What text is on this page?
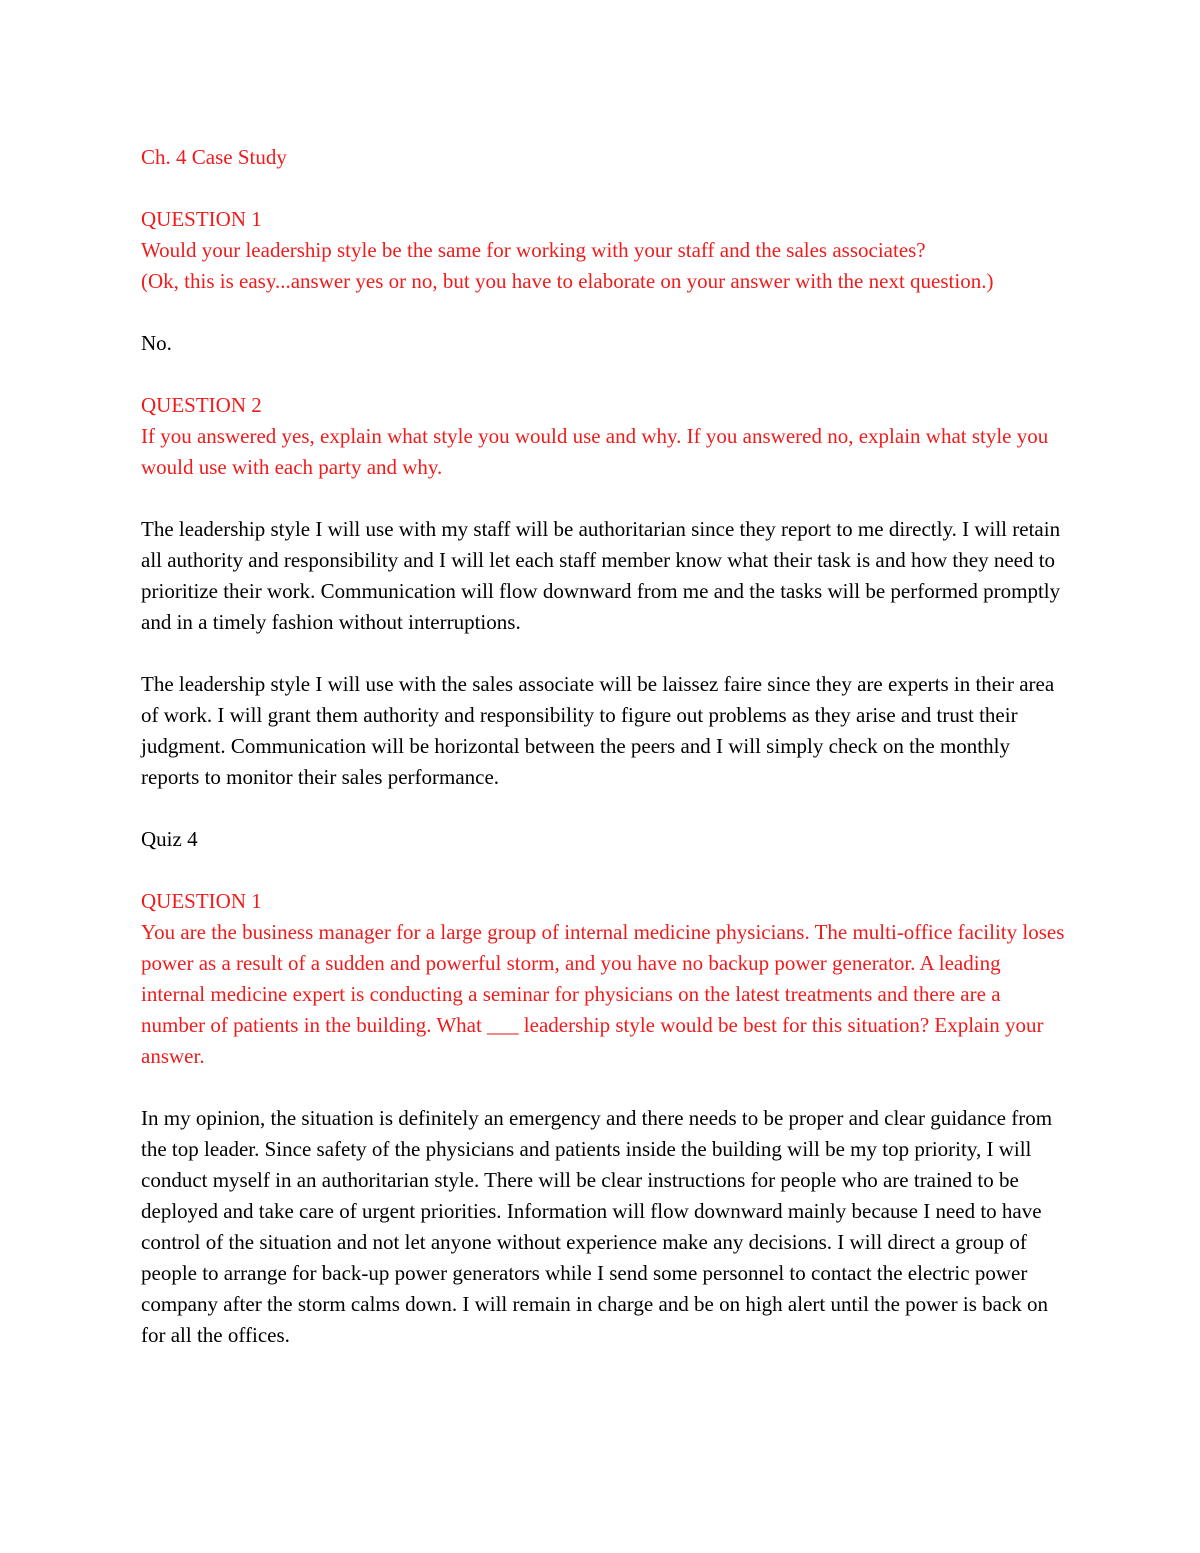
Ch. 4 Case Study

QUESTION 1

Would your leadership style be the same for working with your staff and the sales associates?

(Ok, this is easy...answer yes or no, but you have to elaborate on your answer with the next question.)

No.

QUESTION 2

If you answered yes, explain what style you would use and why. If you answered no, explain what style you would use with each party and why.

The leadership style I will use with my staff will be authoritarian since they report to me directly. I will retain all authority and responsibility and I will let each staff member know what their task is and how they need to prioritize their work. Communication will flow downward from me and the tasks will be performed promptly and in a timely fashion without interruptions.

The leadership style I will use with the sales associate will be laissez faire since they are experts in their area of work. I will grant them authority and responsibility to figure out problems as they arise and trust their judgment. Communication will be horizontal between the peers and I will simply check on the monthly reports to monitor their sales performance.

Quiz 4

QUESTION 1

You are the business manager for a large group of internal medicine physicians. The multi-office facility loses power as a result of a sudden and powerful storm, and you have no backup power generator. A leading internal medicine expert is conducting a seminar for physicians on the latest treatments and there are a number of patients in the building. What ___ leadership style would be best for this situation? Explain your answer.

In my opinion, the situation is definitely an emergency and there needs to be proper and clear guidance from the top leader. Since safety of the physicians and patients inside the building will be my top priority, I will conduct myself in an authoritarian style. There will be clear instructions for people who are trained to be deployed and take care of urgent priorities. Information will flow downward mainly because I need to have control of the situation and not let anyone without experience make any decisions. I will direct a group of people to arrange for back-up power generators while I send some personnel to contact the electric power company after the storm calms down. I will remain in charge and be on high alert until the power is back on for all the offices.
